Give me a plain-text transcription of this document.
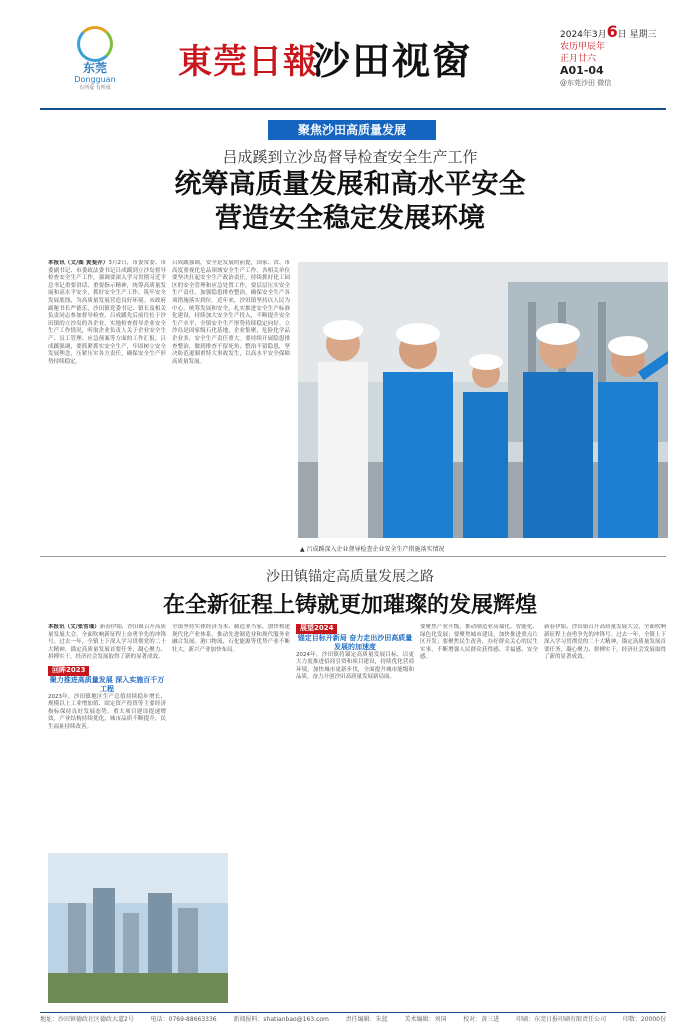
东莞
Dongguan
有所爱 有所成
東莞日報
沙田视窗
2024年3月6日 星期三
农历甲辰年
正月廿六
A01-04
@东莞沙田 微信
聚焦沙田高质量发展
吕成蹊到立沙岛督导检查安全生产工作
统筹高质量发展和高水平安全
营造安全稳定发展环境
本报讯（文/图 黄斐乔）3月2日，市委常委、市委副书记、市委政法委书记吕成蹊到立沙岛督导检查安全生产工作，强调要深入学习贯彻习近平总书记重要讲话、重要指示精神，统筹高质量发展和高水平安全，抓好安全生产工作，筑牢安全发展底线，为高质量发展营造良好环境。市政府副秘书长严德乐，沙田镇党委书记、镇长及相关负责同志参加督导检查。吕成蹊先后前往位于沙田镇的立沙岛的各企业，实地检查督导企业安全生产工作情况，听取企业负责人关于企业安全生产、员工管理、应急预案等方面的工作汇报。吕成蹊强调，要抓紧抓实安全生产，牢固树立安全发展理念，压紧压实各方责任，确保安全生产形势持续稳定。
吕成蹊强调，安全是发展的前提，国家、省、市高度重视化危品领域安全生产工作，各相关单位要坚决扛起安全生产政治责任，持续抓好化工园区的安全管理和应急处置工作。要层层压实安全生产责任，加强隐患排查整治，确保安全生产各项措施落实到位。近年来，沙田镇坚持以人民为中心，统筹发展和安全，扎实推进安全生产标准化建设，持续加大安全生产投入，不断提升安全生产水平，全镇安全生产形势持续稳定向好。立沙岛是国家级石化基地，企业集聚，危险化学品企业多，安全生产责任重大。要持续开展隐患排查整治，做到排查不留死角、整治不留隐患，坚决防范遏制重特大事故发生，以高水平安全保障高质量发展。
▲ 吕成蹊深入企业督导检查企业安全生产措施落实情况
沙田镇锚定高质量发展之路
在全新征程上铸就更加璀璨的发展辉煌
本报讯（文/张雪瑾）新春伊始，沙田镇召开高质量发展大会，全面吹响新征程上奋勇争先的冲锋号。过去一年，全镇上下深入学习贯彻党的二十大精神，锚定高质量发展首要任务，凝心聚力、拼搏实干，经济社会发展取得了新的显著成效。
回眸2023
聚力推进高质量发展 深入实施百千万工程
2023年，沙田镇地区生产总值持续稳步增长，规模以上工业增加值、固定资产投资等主要经济指标保持良好发展态势。重大项目建设提速增效，产业结构持续优化，城市品质不断提升，民生福祉持续改善。
全镇坚持实体经济为本、制造业当家，加快构建现代化产业体系，推动先进制造业和现代服务业融合发展。港口物流、石化能源等优势产业不断壮大，新兴产业加快布局。
展望2024
锚定目标开新局 奋力走出沙田高质量发展的加速度
2024年，沙田镇将锚定高质量发展目标，以更大力度推进招商引资和项目建设，持续优化营商环境，加快城市更新步伐，全面提升城市能级和品质，奋力开创沙田高质量发展新局面。
要聚焦产业升级，推动制造业高端化、智能化、绿色化发展；要聚焦城市建设，加快推进重点片区开发；要聚焦民生改善，办好群众关心的民生实事，不断增强人民群众获得感、幸福感、安全感。
新春伊始，沙田镇召开高质量发展大会，全面吹响新征程上奋勇争先的冲锋号。过去一年，全镇上下深入学习贯彻党的二十大精神，锚定高质量发展首要任务，凝心聚力、拼搏实干，经济社会发展取得了新的显著成效。
地址：沙田镇德政社区德政大道2号	电话：0769-88663336	新闻报料：shatianbao@163.com	责任编辑：朱蓝	美术编辑：刘国	校对：黄三进	印刷：东莞日报印刷有限责任公司	印数：20000份
